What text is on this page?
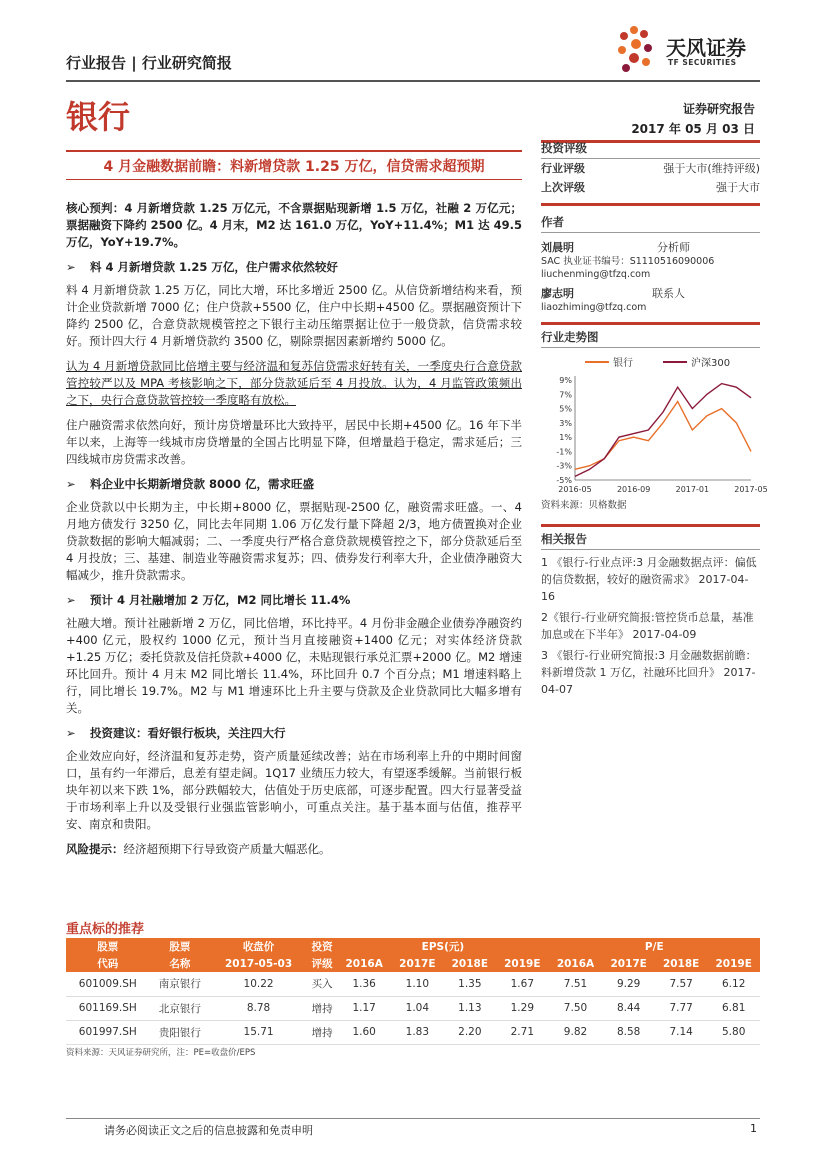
行业报告 | 行业研究简报
天风证券
TF SECURITIES
银行	证券研究报告
2017 年 05 月 03 日
4 月金融数据前瞻：料新增贷款 1.25 万亿，信贷需求超预期

核心预判：4 月新增贷款 1.25 万亿元，不含票据贴现新增 1.5 万亿，社融 2 万亿元；票据融资下降约 2500 亿。4 月末，M2 达 161.0 万亿，YoY+11.4%；M1 达 49.5 万亿，YoY+19.7%。

➢ 料 4 月新增贷款 1.25 万亿，住户需求依然较好

料 4 月新增贷款 1.25 万亿，同比大增，环比多增近 2500 亿。从信贷新增结构来看，预计企业贷款新增 7000 亿；住户贷款+5500 亿，住户中长期+4500 亿。票据融资预计下降约 2500 亿，合意贷款规模管控之下银行主动压缩票据让位于一般贷款，信贷需求较好。预计四大行 4 月新增贷款约 3500 亿，剔除票据因素新增约 5000 亿。

认为 4 月新增贷款同比倍增主要与经济温和复苏信贷需求好转有关，一季度央行合意贷款管控较严以及 MPA 考核影响之下，部分贷款延后至 4 月投放。认为，4 月监管政策频出之下，央行合意贷款管控较一季度略有放松。

住户融资需求依然向好，预计房贷增量环比大致持平，居民中长期+4500 亿。16 年下半年以来，上海等一线城市房贷增量的全国占比明显下降，但增量趋于稳定，需求延后；三四线城市房贷需求改善。

➢ 料企业中长期新增贷款 8000 亿，需求旺盛

企业贷款以中长期为主，中长期+8000 亿，票据贴现-2500 亿，融资需求旺盛。一、4 月地方债发行 3250 亿，同比去年同期 1.06 万亿发行量下降超 2/3，地方债置换对企业贷款数据的影响大幅减弱；二、一季度央行严格合意贷款规模管控之下，部分贷款延后至 4 月投放；三、基建、制造业等融资需求复苏；四、债券发行利率大升，企业债净融资大幅减少，推升贷款需求。

➢ 预计 4 月社融增加 2 万亿，M2 同比增长 11.4%

社融大增。预计社融新增 2 万亿，同比倍增，环比持平。4 月份非金融企业债券净融资约+400 亿元，股权约 1000 亿元，预计当月直接融资+1400 亿元；对实体经济贷款+1.25 万亿；委托贷款及信托贷款+4000 亿，未贴现银行承兑汇票+2000 亿。M2 增速环比回升。预计 4 月末 M2 同比增长 11.4%，环比回升 0.7 个百分点；M1 增速料略上行，同比增长 19.7%。M2 与 M1 增速环比上升主要与贷款及企业贷款同比大幅多增有关。

➢ 投资建议：看好银行板块，关注四大行

企业效应向好，经济温和复苏走势，资产质量延续改善；站在市场利率上升的中期时间窗口，虽有约一年滞后，息差有望走阔。1Q17 业绩压力较大，有望逐季缓解。当前银行板块年初以来下跌 1%，部分跌幅较大，估值处于历史底部，可逐步配置。四大行显著受益于市场利率上升以及受银行业强监管影响小，可重点关注。基于基本面与估值，推荐平安、南京和贵阳。

风险提示：经济超预期下行导致资产质量大幅恶化。

投资评级
行业评级	强于大市(维持评级)
上次评级	强于大市
作者
刘晨明	分析师
SAC 执业证书编号：S1110516090006
liuchenming@tfzq.com
廖志明	联系人
liaozhiming@tfzq.com
行业走势图
银行	沪深300
9%
7%
5%
3%
1%
-1%
-3%
-5%
2016-05	2016-09	2017-01	2017-05
资料来源：贝格数据
相关报告

1 《银行-行业点评:3 月金融数据点评：偏低的信贷数据，较好的融资需求》 2017-04-16

2《银行-行业研究简报:管控货币总量，基准加息或在下半年》 2017-04-09

3 《银行-行业研究简报:3 月金融数据前瞻：料新增贷款 1 万亿，社融环比回升》 2017-04-07

重点标的推荐
股票	股票	收盘价	投资	EPS(元)				P/E			
代码	名称	2017-05-03	评级	2016A	2017E	2018E	2019E	2016A	2017E	2018E	2019E
601009.SH	南京银行	10.22	买入	1.36	1.10	1.35	1.67	7.51	9.29	7.57	6.12
601169.SH	北京银行	8.78	增持	1.17	1.04	1.13	1.29	7.50	8.44	7.77	6.81
601997.SH	贵阳银行	15.71	增持	1.60	1.83	2.20	2.71	9.82	8.58	7.14	5.80
资料来源：天风证券研究所，注：PE=收盘价/EPS
请务必阅读正文之后的信息披露和免责申明	1
